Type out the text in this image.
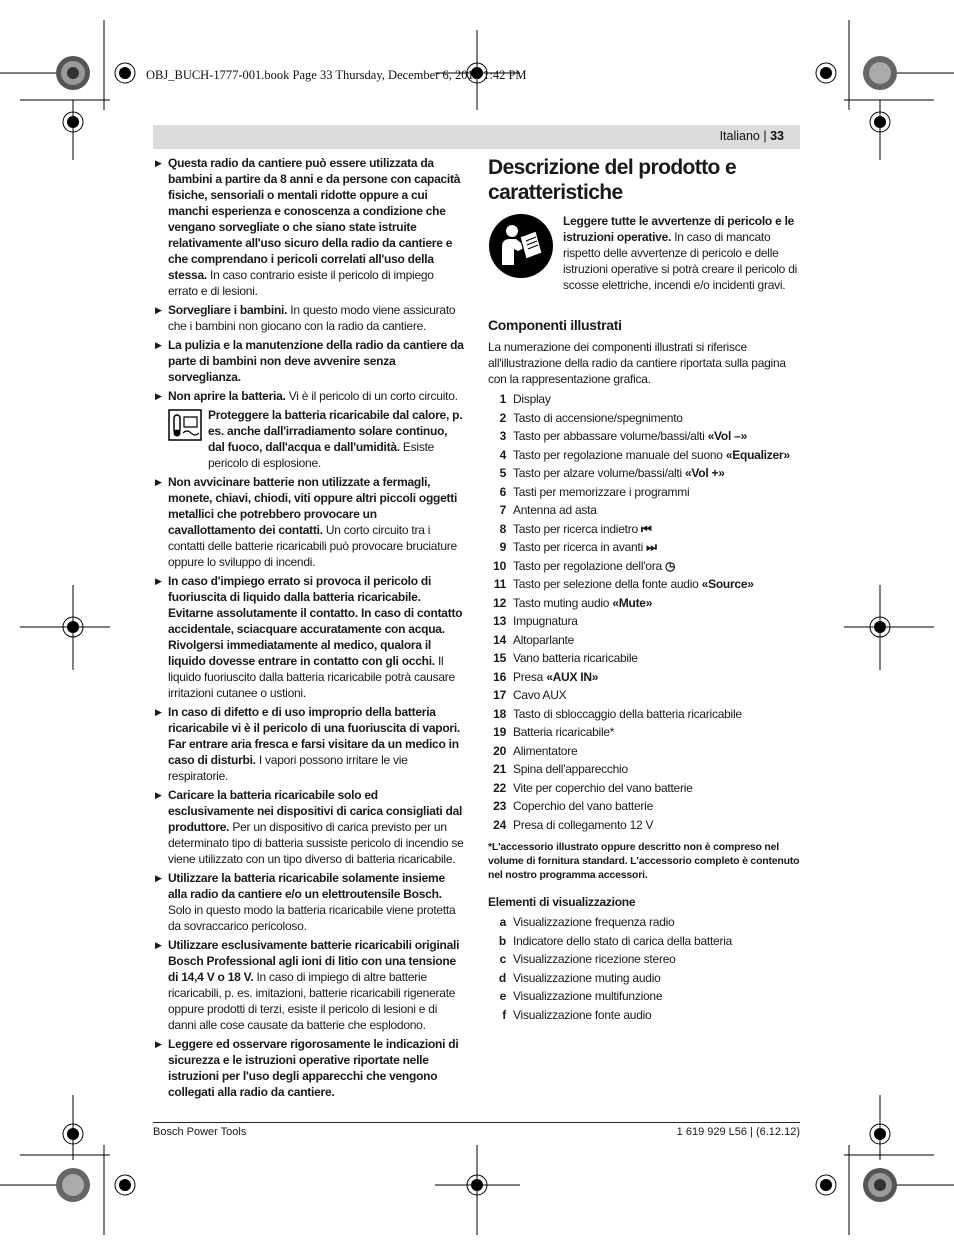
OBJ_BUCH-1777-001.book Page 33 Thursday, December 6, 2012 1:42 PM
Italiano | 33
▶ Questa radio da cantiere può essere utilizzata da bambini a partire da 8 anni e da persone con capacità fisiche, sensoriali o mentali ridotte oppure a cui manchi esperienza e conoscenza a condizione che vengano sorvegliate o che siano state istruite relativamente all'uso sicuro della radio da cantiere e che comprendano i pericoli correlati all'uso della stessa. In caso contrario esiste il pericolo di impiego errato e di lesioni.
▶ Sorvegliare i bambini. In questo modo viene assicurato che i bambini non giocano con la radio da cantiere.
▶ La pulizia e la manutenzione della radio da cantiere da parte di bambini non deve avvenire senza sorveglianza.
▶ Non aprire la batteria. Vi è il pericolo di un corto circuito.
Proteggere la batteria ricaricabile dal calore, p. es. anche dall'irradiamento solare continuo, dal fuoco, dall'acqua e dall'umidità. Esiste pericolo di esplosione.
▶ Non avvicinare batterie non utilizzate a fermagli, monete, chiavi, chiodi, viti oppure altri piccoli oggetti metallici che potrebbero provocare un cavallottamento dei contatti. Un corto circuito tra i contatti delle batterie ricaricabili può provocare bruciature oppure lo sviluppo di incendi.
▶ In caso d'impiego errato si provoca il pericolo di fuoriuscita di liquido dalla batteria ricaricabile. Evitarne assolutamente il contatto. In caso di contatto accidentale, sciacquare accuratamente con acqua. Rivolgersi immediatamente al medico, qualora il liquido dovesse entrare in contatto con gli occhi. Il liquido fuoriuscito dalla batteria ricaricabile potrà causare irritazioni cutanee o ustioni.
▶ In caso di difetto e di uso improprio della batteria ricaricabile vi è il pericolo di una fuoriuscita di vapori. Far entrare aria fresca e farsi visitare da un medico in caso di disturbi. I vapori possono irritare le vie respiratorie.
▶ Caricare la batteria ricaricabile solo ed esclusivamente nei dispositivi di carica consigliati dal produttore. Per un dispositivo di carica previsto per un determinato tipo di batteria sussiste pericolo di incendio se viene utilizzato con un tipo diverso di batteria ricaricabile.
▶ Utilizzare la batteria ricaricabile solamente insieme alla radio da cantiere e/o un elettroutensile Bosch. Solo in questo modo la batteria ricaricabile viene protetta da sovraccarico pericoloso.
▶ Utilizzare esclusivamente batterie ricaricabili originali Bosch Professional agli ioni di litio con una tensione di 14,4 V o 18 V. In caso di impiego di altre batterie ricaricabili, p. es. imitazioni, batterie ricaricabili rigenerate oppure prodotti di terzi, esiste il pericolo di lesioni e di danni alle cose causate da batterie che esplodono.
▶ Leggere ed osservare rigorosamente le indicazioni di sicurezza e le istruzioni operative riportate nelle istruzioni per l'uso degli apparecchi che vengono collegati alla radio da cantiere.
Descrizione del prodotto e caratteristiche
Leggere tutte le avvertenze di pericolo e le istruzioni operative. In caso di mancato rispetto delle avvertenze di pericolo e delle istruzioni operative si potrà creare il pericolo di scosse elettriche, incendi e/o incidenti gravi.
Componenti illustrati
La numerazione dei componenti illustrati si riferisce all'illustrazione della radio da cantiere riportata sulla pagina con la rappresentazione grafica.
1 Display
2 Tasto di accensione/spegnimento
3 Tasto per abbassare volume/bassi/alti «Vol –»
4 Tasto per regolazione manuale del suono «Equalizer»
5 Tasto per alzare volume/bassi/alti «Vol +»
6 Tasti per memorizzare i programmi
7 Antenna ad asta
8 Tasto per ricerca indietro ⏮
9 Tasto per ricerca in avanti ⏭
10 Tasto per regolazione dell'ora ◷
11 Tasto per selezione della fonte audio «Source»
12 Tasto muting audio «Mute»
13 Impugnatura
14 Altoparlante
15 Vano batteria ricaricabile
16 Presa «AUX IN»
17 Cavo AUX
18 Tasto di sbloccaggio della batteria ricaricabile
19 Batteria ricaricabile*
20 Alimentatore
21 Spina dell'apparecchio
22 Vite per coperchio del vano batterie
23 Coperchio del vano batterie
24 Presa di collegamento 12 V
*L'accessorio illustrato oppure descritto non è compreso nel volume di fornitura standard. L'accessorio completo è contenuto nel nostro programma accessori.
Elementi di visualizzazione
a Visualizzazione frequenza radio
b Indicatore dello stato di carica della batteria
c Visualizzazione ricezione stereo
d Visualizzazione muting audio
e Visualizzazione multifunzione
f Visualizzazione fonte audio
Bosch Power Tools	1 619 929 L56 | (6.12.12)
